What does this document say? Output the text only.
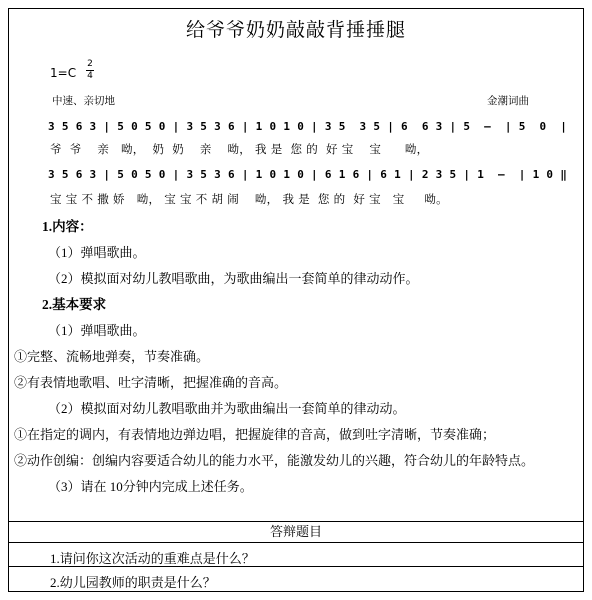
给爷爷奶奶敲敲背捶捶腿
1=C
2
4
中速、亲切地	金潮词曲
3 5 6 3 | 5 0 5 0 | 3 5 3 6 | 1 0 1 0 | 3 5  3 5 | 6  6 3 | 5  –  | 5  0  |
爷  爷    亲   呦，  奶  奶    亲    呦， 我 是  您 的  好 宝    宝      呦，
3 5 6 3 | 5 0 5 0 | 3 5 3 6 | 1 0 1 0 | 6 1 6 | 6 1 | 2 3 5 | 1  –  | 1 0 ‖
宝 宝 不 撒 娇   呦， 宝 宝 不 胡 闹    呦， 我 是  您 的  好 宝   宝     呦。
1.内容：
（1）弹唱歌曲。
（2）模拟面对幼儿教唱歌曲，为歌曲编出一套简单的律动动作。
2.基本要求
（1）弹唱歌曲。
①完整、流畅地弹奏，节奏准确。
②有表情地歌唱、吐字清晰，把握准确的音高。
（2）模拟面对幼儿教唱歌曲并为歌曲编出一套简单的律动动。
①在指定的调内，有表情地边弹边唱，把握旋律的音高，做到吐字清晰，节奏准确；
②动作创编：创编内容要适合幼儿的能力水平，能激发幼儿的兴趣，符合幼儿的年龄特点。
（3）请在 10分钟内完成上述任务。
答辩题目
1.请问你这次活动的重难点是什么？
2.幼儿园教师的职责是什么？
